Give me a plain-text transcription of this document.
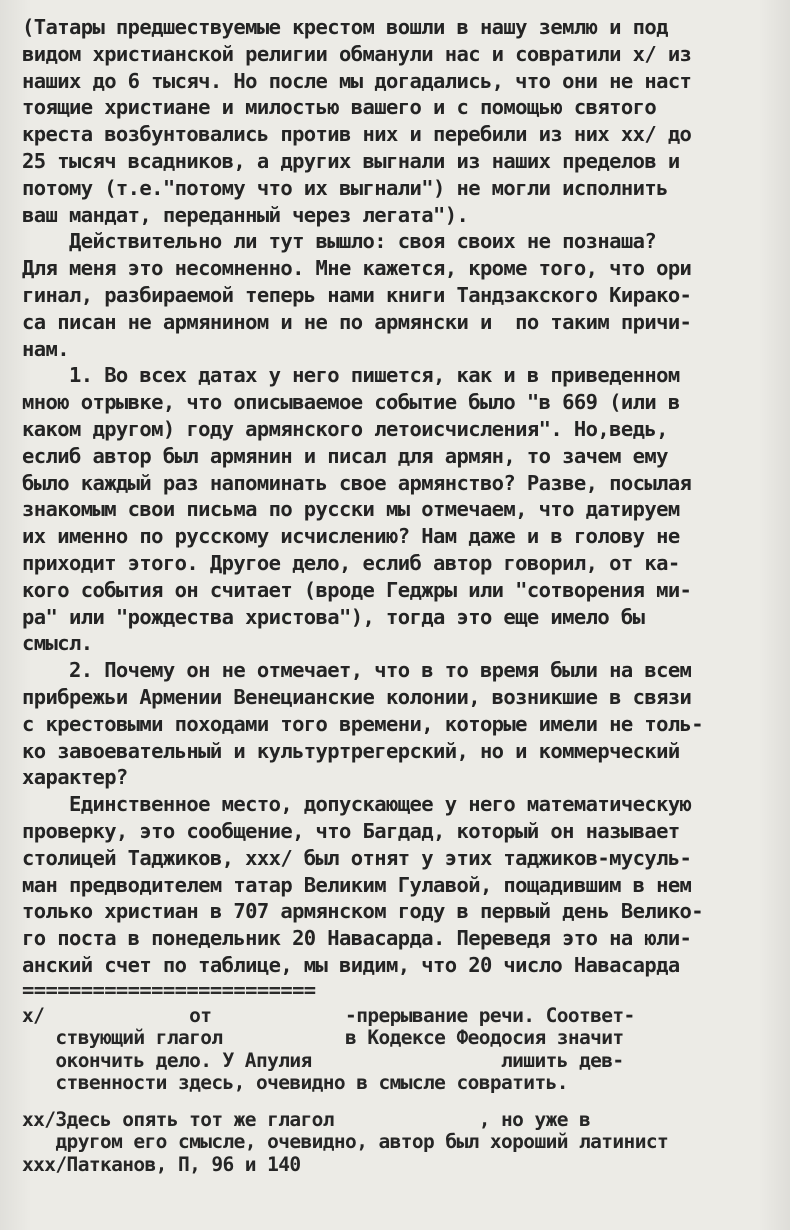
(Татары предшествуемые крестом вошли в нашу землю и под
видом христианской религии обманули нас и совратили x/ из
наших до 6 тысяч. Но после мы догадались, что они не наст
тоящие христиане и милостью вашего и с помощью святого
креста возбунтовались против них и перебили из них xx/ до
25 тысяч всадников, а других выгнали из наших пределов и
потому (т.е."потому что их выгнали") не могли исполнить
ваш мандат, переданный через легата").
Действительно ли тут вышло: своя своих не познаша?
Для меня это несомненно. Мне кажется, кроме того, что ори
гинал, разбираемой теперь нами книги Тандзакского Кирако-
са писан не армянином и не по армянски и  по таким причи-
нам.
1. Во всех датах у него пишется, как и в приведенном
мною отрывке, что описываемое событие было "в 669 (или в
каком другом) году армянского летоисчисления". Но,ведь,
еслиб автор был армянин и писал для армян, то зачем ему
было каждый раз напоминать свое армянство? Разве, посылая
знакомым свои письма по русски мы отмечаем, что датируем
их именно по русскому исчислению? Нам даже и в голову не
приходит этого. Другое дело, еслиб автор говорил, от ка-
кого события он считает (вроде Геджры или "сотворения ми-
ра" или "рождества христова"), тогда это еще имело бы
смысл.
2. Почему он не отмечает, что в то время были на всем
прибрежьи Армении Венецианские колонии, возникшие в связи
с крестовыми походами того времени, которые имели не толь-
ко завоевательный и культуртрегерский, но и коммерческий
характер?
Единственное место, допускающее у него математическую
проверку, это сообщение, что Багдад, который он называет
столицей Таджиков, xxx/ был отнят у этих таджиков-мусуль-
ман предводителем татар Великим Гулавой, пощадившим в нем
только христиан в 707 армянском году в первый день Велико-
го поста в понедельник 20 Навасарда. Переведя это на юли-
анский счет по таблице, мы видим, что 20 число Навасарда
=========================
x/             от            -прерывание речи. Соответ-
ствующий глагол           в Кодексе Феодосия значит
окончить дело. У Апулия                 лишить дев-
ственности здесь, очевидно в смысле совратить.
xx/Здесь опять тот же глагол             , но уже в
другом его смысле, очевидно, автор был хороший латинист
xxx/Патканов, П, 96 и 140
